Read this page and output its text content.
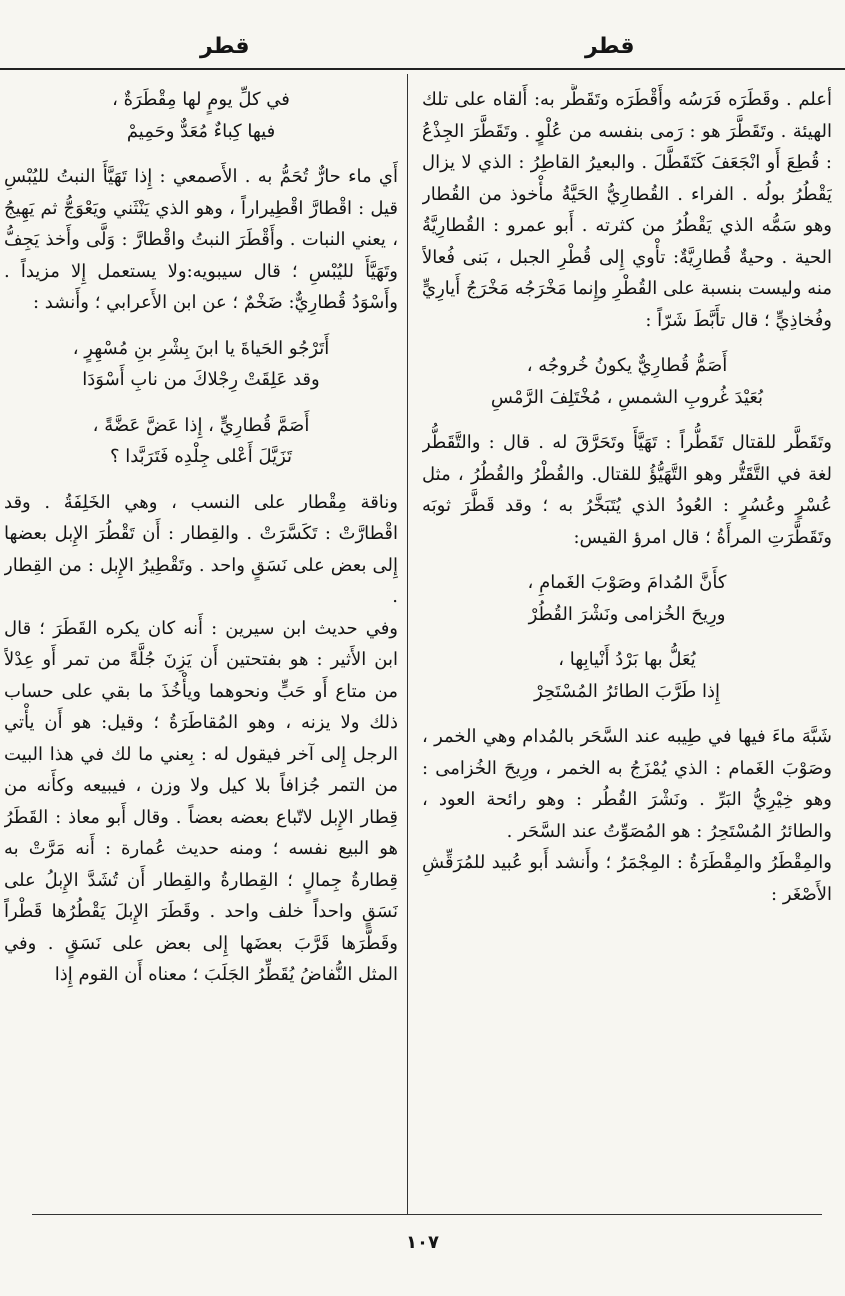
قطر
قطر

أعلم . وقَطَرَه فَرَسُه وأَقْطَرَه وتَقَطَّر به: أَلقاه على تلك الهيئة . وتَقَطَّرَ هو : رَمى بنفسه من عُلْوٍ . وتَقَطَّرَ الجِذْعُ : قُطِعَ أَو انْجَعَفَ كَتَقَطَّلَ . والبعيرُ القاطِرُ : الذي لا يزال يَقْطُرُ بولُه . الفراء . القُطارِيُّ الحَيَّةُ مأْخوذ من القُطار وهو سَمُّه الذي يَقْطُرُ من كثرته . أَبو عمرو : القُطارِيَّةُ الحية . وحيةٌ قُطارِيَّةٌ: تأْوي إِلى قُطْرِ الجبل ، بَنى فُعالاً منه وليست بنسبة على القُطْرِ وإِنما مَخْرَجُه مَخْرَجُ أَيارِيٍّ وفُخاذِيٍّ ؛ قال تأَبَّطَ شَرّاً :

أَصَمُّ قُطارِيٌّ يكونُ خُروجُه ،
بُعَيْدَ غُروبِ الشمسِ ، مُخْتَلِفَ الرَّمْسِ

وتَقَطَّر للقتال تَقَطُّراً : تَهَيَّأَ وتَحَرَّقَ له . قال : والتَّقَطُّر لغة في التَّقَتُّر وهو التَّهَيُّؤُ للقتال. والقُطْرُ والقُطُرُ ، مثل عُسْرٍ وعُسُرٍ : العُودُ الذي يُتَبَخَّرُ به ؛ وقد قَطَّرَ ثوبَه وتَقَطَّرَتِ المرأَةُ ؛ قال امرؤ القيس:

كأَنَّ المُدامَ وصَوْبَ الغَمامِ ،
ورِيحَ الخُزامى ونَشْرَ القُطُرْ
يُعَلُّ بها بَرْدُ أَنْيابِها ،
إِذا طَرَّبَ الطائرُ المُسْتَحِرْ

شَبَّهَ ماءَ فيها في طِيبه عند السَّحَر بالمُدام وهي الخمر ، وصَوْبَ الغَمام : الذي يُمْزَجُ به الخمر ، ورِيحَ الخُزامى : وهو خِيْرِيُّ البَرِّ . ونَشْرَ القُطُر : وهو رائحة العود ، والطائرُ المُسْتَحِرُ : هو المُصَوِّتُ عند السَّحَر .

والمِقْطَرُ والمِقْطَرَةُ : المِجْمَرُ ؛ وأَنشد أَبو عُبيد للمُرَقِّشِ الأَصْغَر :

في كلِّ يومٍ لها مِقْطَرَةٌ ،
فيها كِباءٌ مُعَدٌّ وحَمِيمْ

أَي ماء حارٌّ تُحَمُّ به . الأَصمعي : إِذا تَهَيَّأَ النبتُ لليُبْسِ قيل : اقْطارَّ اقْطِيراراً ، وهو الذي يَنْثَني ويَعْوَجُّ ثم يَهِيجُ ، يعني النبات . وأَقْطَرَ النبتُ واقْطارَّ : وَلَّى وأَخذ يَجِفُّ وتَهَيَّأَ لليُبْسِ ؛ قال سيبويه:ولا يستعمل إِلا مزيداً . وأَسْوَدُ قُطارِيٌّ: ضَخْمٌ ؛ عن ابن الأَعرابي ؛ وأَنشد :

أَتَرْجُو الحَياةَ يا ابنَ بِشْرِ بنِ مُسْهِرٍ ،
وقد عَلِقَتْ رِجْلاكَ من نابِ أَسْوَدَا
أَصَمَّ قُطارِيٍّ ، إِذا عَضَّ عَضَّةً ،
تَزَيَّلَ أَعْلى جِلْدِه فَتَرَبَّدا ؟

وناقة مِقْطار على النسب ، وهي الخَلِفَةُ . وقد اقْطارَّتْ : تَكَسَّرَتْ . والقِطار : أَن تَقْطُرَ الإِبل بعضها إِلى بعض على نَسَقٍ واحد . وتَقْطِيرُ الإِبل : من القِطار .

وفي حديث ابن سيرين : أَنه كان يكره القَطَرَ ؛ قال ابن الأَثير : هو بفتحتين أَن يَزِنَ جُلَّةً من تمر أَو عِدْلاً من متاع أَو حَبٍّ ونحوهما ويأْخُذَ ما بقي على حساب ذلك ولا يزنه ، وهو المُقاطَرَةُ ؛ وقيل: هو أَن يأْتي الرجل إِلى آخر فيقول له : بِعني ما لك في هذا البيت من التمر جُزافاً بلا كيل ولا وزن ، فيبيعه وكأَنه من قِطار الإِبل لاتّباع بعضه بعضاً . وقال أَبو معاذ : القَطَرُ هو البيع نفسه ؛ ومنه حديث عُمارة : أَنه مَرَّتْ به قِطارةُ جِمالٍ ؛ القِطارةُ والقِطار أَن تُشَدَّ الإِبلُ على نَسَقٍ واحداً خلف واحد . وقَطَرَ الإِبلَ يَقْطُرُها قَطْراً وقَطَّرَها قَرَّبَ بعضَها إِلى بعض على نَسَقٍ . وفي المثل النُّفاضُ يُقَطِّرُ الجَلَبَ ؛ معناه أَن القوم إِذا

١٠٧
